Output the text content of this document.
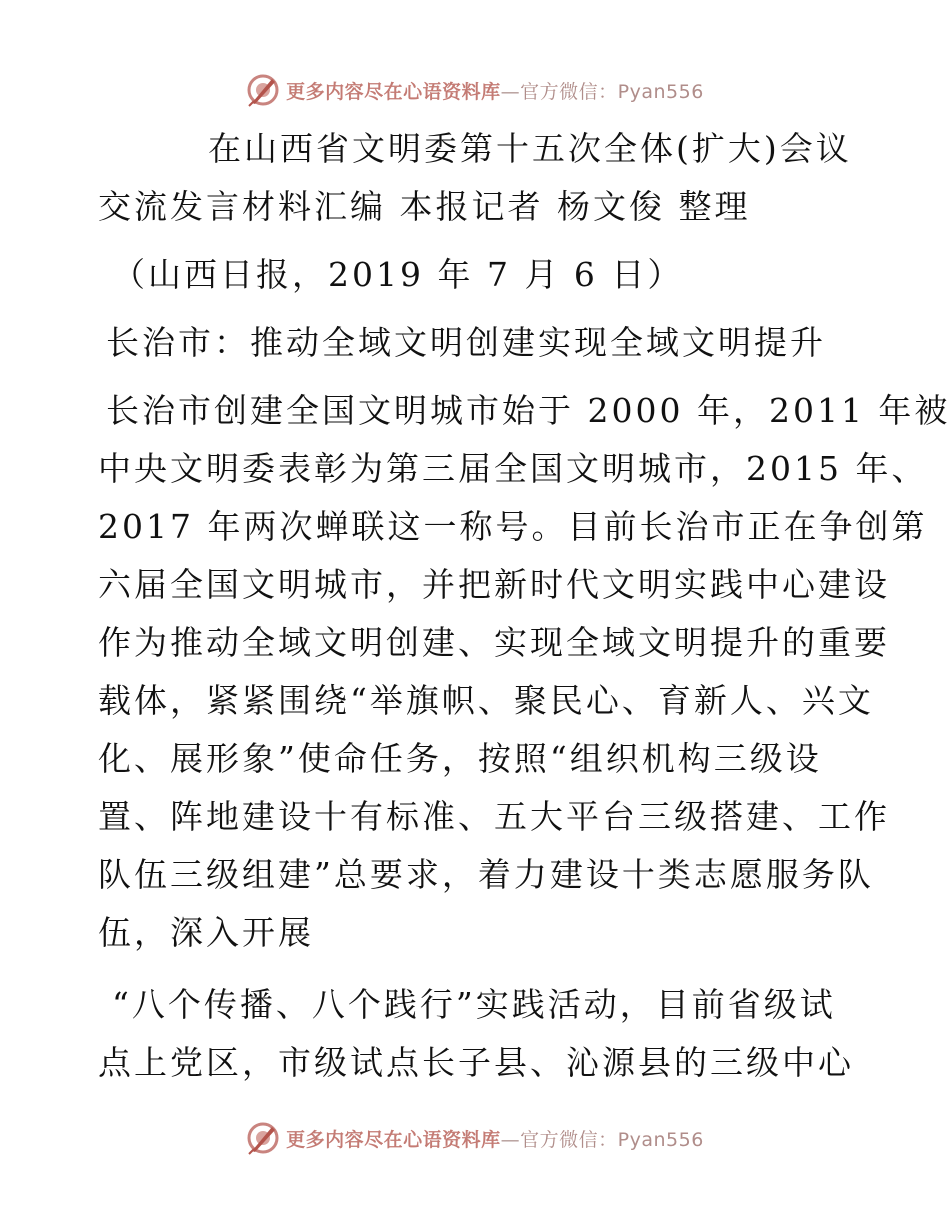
更多内容尽在心语资料库—官方微信：Pyan556
在山西省文明委第十五次全体(扩大)会议
交流发言材料汇编 本报记者 杨文俊 整理
（山西日报，2019 年 7 月 6 日）
长治市：推动全域文明创建实现全域文明提升
长治市创建全国文明城市始于 2000 年，2011 年被
中央文明委表彰为第三届全国文明城市，2015 年、
2017 年两次蝉联这一称号。目前长治市正在争创第
六届全国文明城市，并把新时代文明实践中心建设
作为推动全域文明创建、实现全域文明提升的重要
载体，紧紧围绕“举旗帜、聚民心、育新人、兴文
化、展形象”使命任务，按照“组织机构三级设
置、阵地建设十有标准、五大平台三级搭建、工作
队伍三级组建”总要求，着力建设十类志愿服务队
伍，深入开展
“八个传播、八个践行”实践活动，目前省级试
点上党区，市级试点长子县、沁源县的三级中心
更多内容尽在心语资料库—官方微信：Pyan556
